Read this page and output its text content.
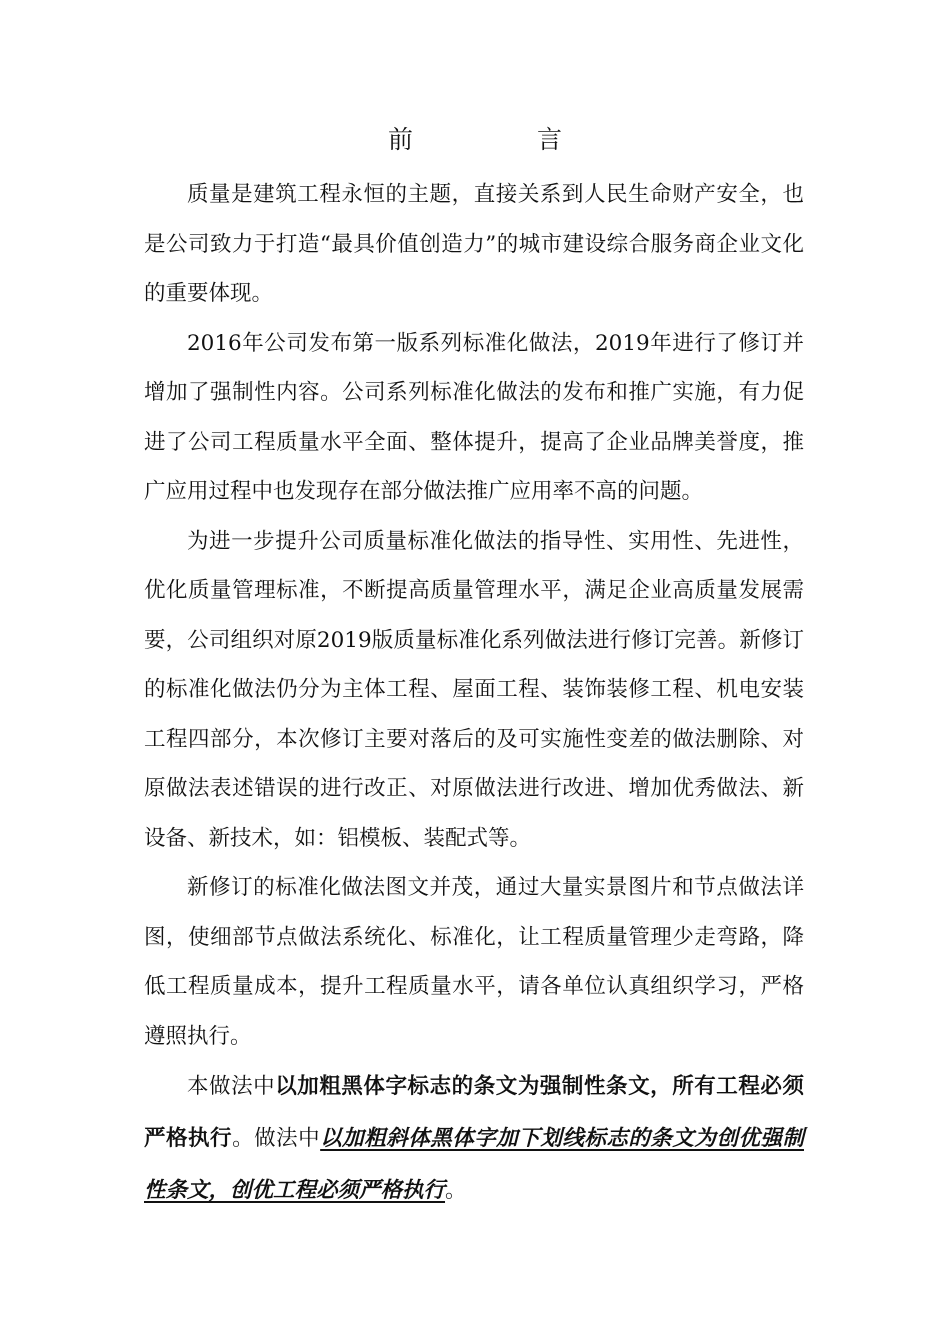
前 言

质量是建筑工程永恒的主题，直接关系到人民生命财产安全，也是公司致力于打造“最具价值创造力”的城市建设综合服务商企业文化的重要体现。

2016年公司发布第一版系列标准化做法，2019年进行了修订并增加了强制性内容。公司系列标准化做法的发布和推广实施，有力促进了公司工程质量水平全面、整体提升，提高了企业品牌美誉度，推广应用过程中也发现存在部分做法推广应用率不高的问题。

为进一步提升公司质量标准化做法的指导性、实用性、先进性，优化质量管理标准，不断提高质量管理水平，满足企业高质量发展需要，公司组织对原2019版质量标准化系列做法进行修订完善。新修订的标准化做法仍分为主体工程、屋面工程、装饰装修工程、机电安装工程四部分，本次修订主要对落后的及可实施性变差的做法删除、对原做法表述错误的进行改正、对原做法进行改进、增加优秀做法、新设备、新技术，如：铝模板、装配式等。

新修订的标准化做法图文并茂，通过大量实景图片和节点做法详图，使细部节点做法系统化、标准化，让工程质量管理少走弯路，降低工程质量成本，提升工程质量水平，请各单位认真组织学习，严格遵照执行。

本做法中以加粗黑体字标志的条文为强制性条文，所有工程必须严格执行。做法中以加粗斜体黑体字加下划线标志的条文为创优强制性条文，创优工程必须严格执行。
